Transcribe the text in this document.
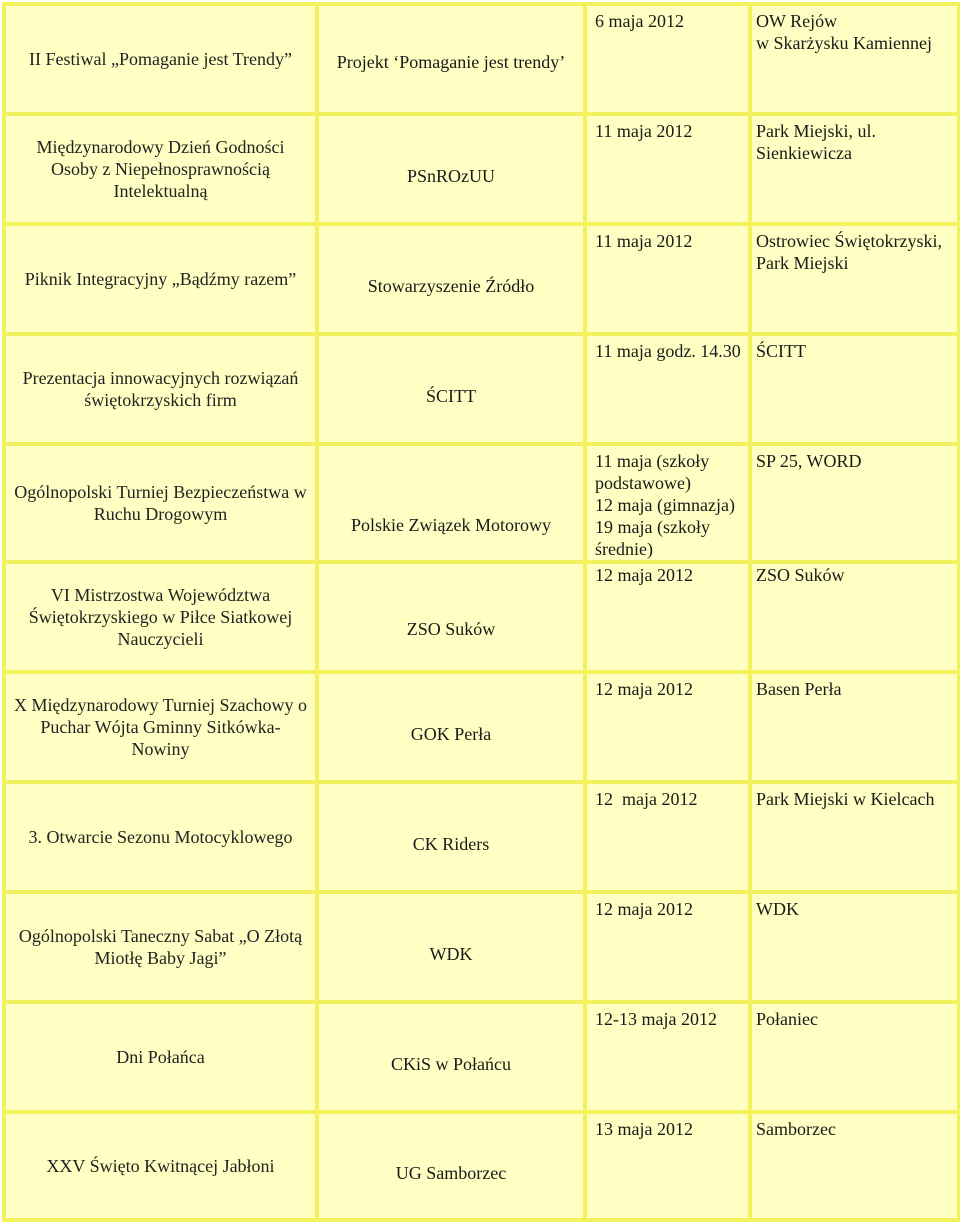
II Festiwal „Pomaganie jest Trendy”	Projekt ‘Pomaganie jest trendy’	6 maja 2012	OW Rejów
w Skarżysku Kamiennej

Międzynarodowy Dzień Godności Osoby z Niepełnosprawnością Intelektualną	PSnROzUU	11 maja 2012	Park Miejski, ul. Sienkiewicza

Piknik Integracyjny „Bądźmy razem”	Stowarzyszenie Źródło	11 maja 2012	Ostrowiec Świętokrzyski, Park Miejski

Prezentacja innowacyjnych rozwiązań świętokrzyskich firm	ŚCITT	11 maja godz. 14.30	ŚCITT

Ogólnopolski Turniej Bezpieczeństwa w Ruchu Drogowym	Polskie Związek Motorowy	11 maja (szkoły podstawowe)
12 maja (gimnazja)
19 maja (szkoły średnie)	SP 25, WORD

VI Mistrzostwa Województwa Świętokrzyskiego w Piłce Siatkowej Nauczycieli	ZSO Suków	12 maja 2012	ZSO Suków

X Międzynarodowy Turniej Szachowy o Puchar Wójta Gminny Sitkówka-Nowiny	GOK Perła	12 maja 2012	Basen Perła

3. Otwarcie Sezonu Motocyklowego	CK Riders	12  maja 2012	Park Miejski w Kielcach

Ogólnopolski Taneczny Sabat „O Złotą Miotłę Baby Jagi”	WDK	12 maja 2012	WDK

Dni Połańca	CKiS w Połańcu	12-13 maja 2012	Połaniec

XXV Święto Kwitnącej Jabłoni	UG Samborzec	13 maja 2012	Samborzec
